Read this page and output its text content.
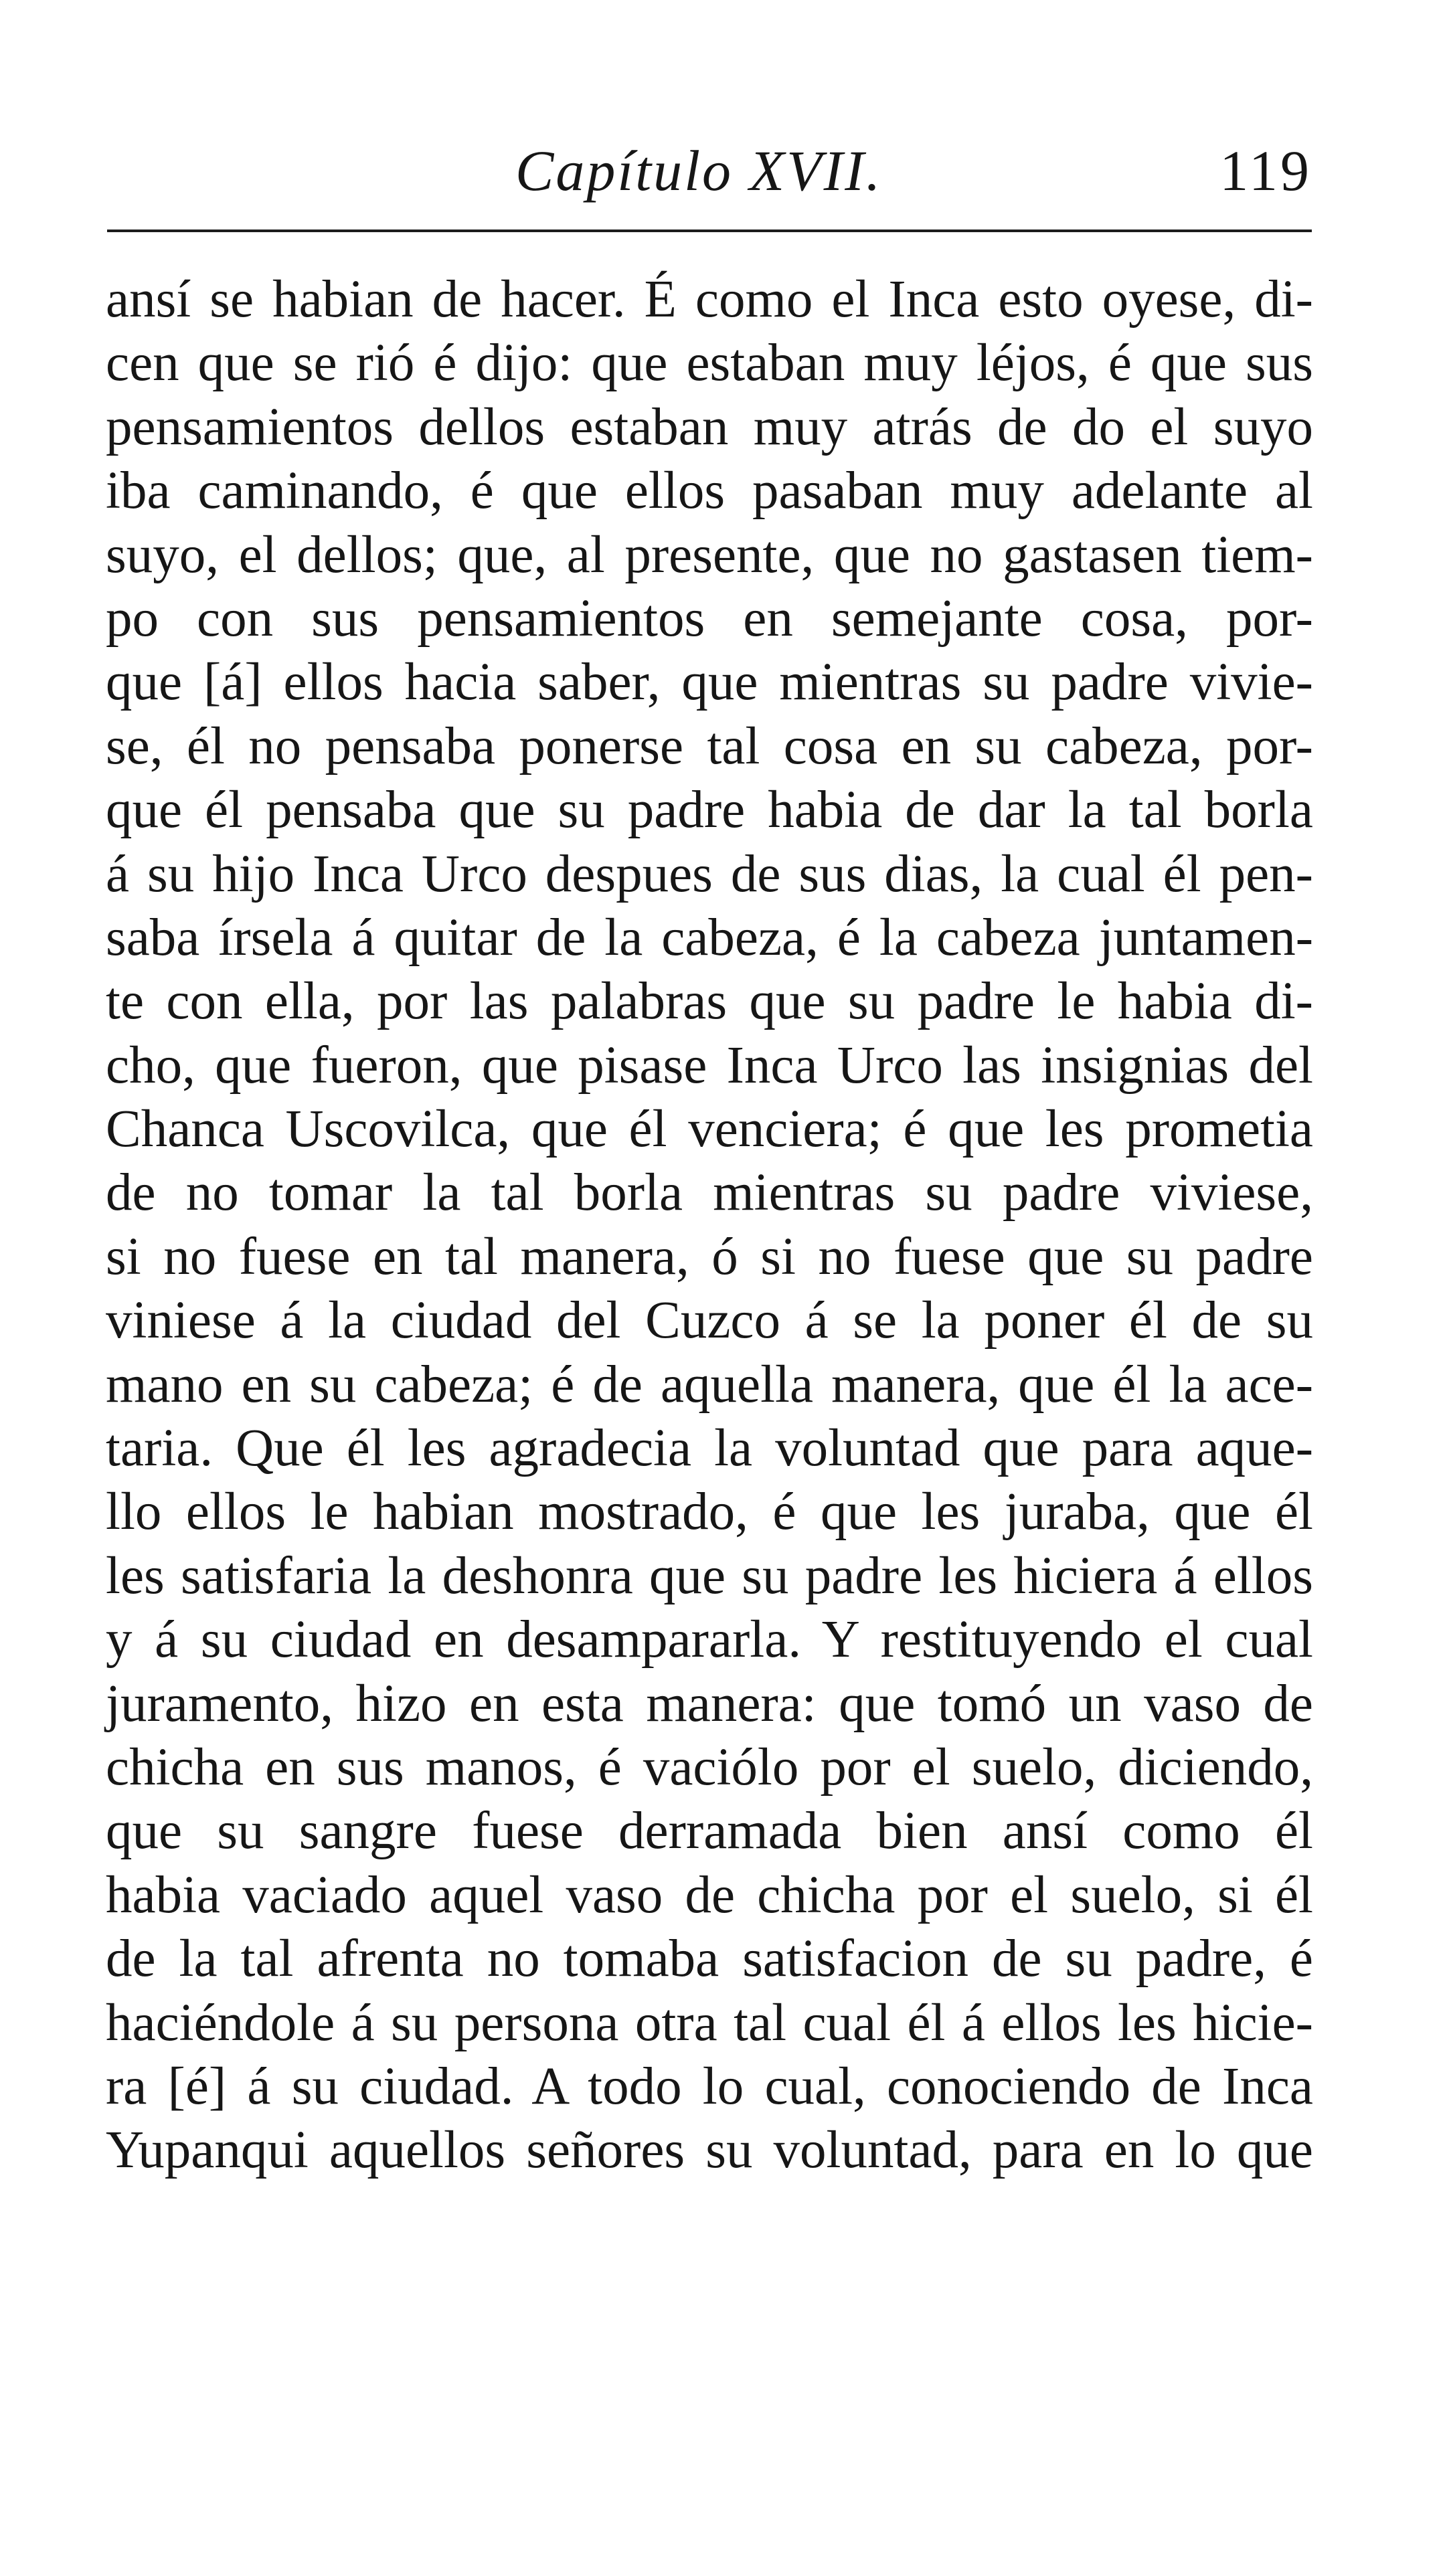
Capítulo XVII.	119
ansí se habian de hacer. É como el Inca esto oyese, di-
cen que se rió é dijo: que estaban muy léjos, é que sus
pensamientos dellos estaban muy atrás de do el suyo
iba caminando, é que ellos pasaban muy adelante al
suyo, el dellos; que, al presente, que no gastasen tiem-
po con sus pensamientos en semejante cosa, por-
que [á] ellos hacia saber, que mientras su padre vivie-
se, él no pensaba ponerse tal cosa en su cabeza, por-
que él pensaba que su padre habia de dar la tal borla
á su hijo Inca Urco despues de sus dias, la cual él pen-
saba írsela á quitar de la cabeza, é la cabeza juntamen-
te con ella, por las palabras que su padre le habia di-
cho, que fueron, que pisase Inca Urco las insignias del
Chanca Uscovilca, que él venciera; é que les prometia
de no tomar la tal borla mientras su padre viviese,
si no fuese en tal manera, ó si no fuese que su padre
viniese á la ciudad del Cuzco á se la poner él de su
mano en su cabeza; é de aquella manera, que él la ace-
taria. Que él les agradecia la voluntad que para aque-
llo ellos le habian mostrado, é que les juraba, que él
les satisfaria la deshonra que su padre les hiciera á ellos
y á su ciudad en desampararla. Y restituyendo el cual
juramento, hizo en esta manera: que tomó un vaso de
chicha en sus manos, é vaciólo por el suelo, diciendo,
que su sangre fuese derramada bien ansí como él
habia vaciado aquel vaso de chicha por el suelo, si él
de la tal afrenta no tomaba satisfacion de su padre, é
haciéndole á su persona otra tal cual él á ellos les hicie-
ra [é] á su ciudad. A todo lo cual, conociendo de Inca
Yupanqui aquellos señores su voluntad, para en lo que
